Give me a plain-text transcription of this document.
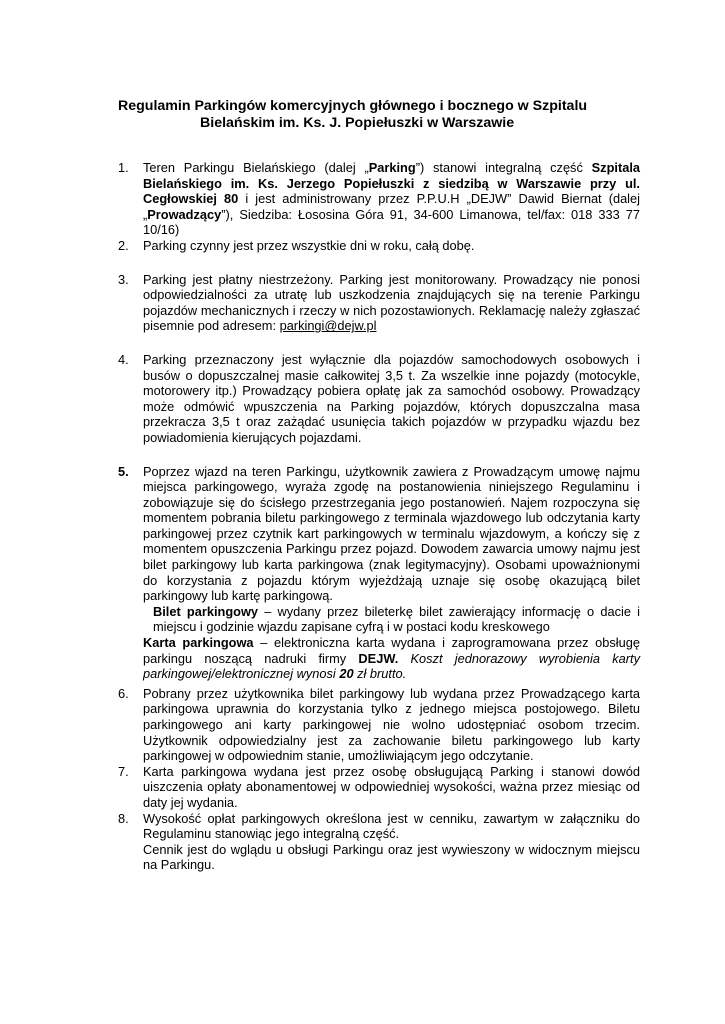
Regulamin Parkingów komercyjnych głównego i bocznego w Szpitalu
Bielańskim im. Ks. J. Popiełuszki w Warszawie
1. Teren Parkingu Bielańskiego (dalej „Parking”) stanowi integralną część Szpitala Bielańskiego im. Ks. Jerzego Popiełuszki z siedzibą w Warszawie przy ul. Cegłowskiej 80 i jest administrowany przez P.P.U.H „DEJW” Dawid Biernat (dalej „Prowadzący”), Siedziba: Łososina Góra 91, 34-600 Limanowa, tel/fax: 018 333 77 10/16)

2. Parking czynny jest przez wszystkie dni w roku, całą dobę.

3. Parking jest płatny niestrzeżony. Parking jest monitorowany. Prowadzący nie ponosi odpowiedzialności za utratę lub uszkodzenia znajdujących się na terenie Parkingu pojazdów mechanicznych i rzeczy w nich pozostawionych. Reklamację należy zgłaszać pisemnie pod adresem: parkingi@dejw.pl

4. Parking przeznaczony jest wyłącznie dla pojazdów samochodowych osobowych i busów o dopuszczalnej masie całkowitej 3,5 t. Za wszelkie inne pojazdy (motocykle, motorowery itp.) Prowadzący pobiera opłatę jak za samochód osobowy. Prowadzący może odmówić wpuszczenia na Parking pojazdów, których dopuszczalna masa przekracza 3,5 t oraz zażądać usunięcia takich pojazdów w przypadku wjazdu bez powiadomienia kierujących pojazdami.

5. Poprzez wjazd na teren Parkingu, użytkownik zawiera z Prowadzącym umowę najmu miejsca parkingowego, wyraża zgodę na postanowienia niniejszego Regulaminu i zobowiązuje się do ścisłego przestrzegania jego postanowień. Najem rozpoczyna się momentem pobrania biletu parkingowego z terminala wjazdowego lub odczytania karty parkingowej przez czytnik kart parkingowych w terminalu wjazdowym, a kończy się z momentem opuszczenia Parkingu przez pojazd. Dowodem zawarcia umowy najmu jest bilet parkingowy lub karta parkingowa (znak legitymacyjny). Osobami upoważnionymi do korzystania z pojazdu którym wyjeżdżają uznaje się osobę okazującą bilet parkingowy lub kartę parkingową.

Bilet parkingowy – wydany przez bileterkę bilet zawierający informację o dacie i miejscu i godzinie wjazdu zapisane cyfrą i w postaci kodu kreskowego

Karta parkingowa – elektroniczna karta wydana i zaprogramowana przez obsługę parkingu noszącą nadruki firmy DEJW. Koszt jednorazowy wyrobienia karty parkingowej/elektronicznej wynosi 20 zł brutto.

6. Pobrany przez użytkownika bilet parkingowy lub wydana przez Prowadzącego karta parkingowa uprawnia do korzystania tylko z jednego miejsca postojowego. Biletu parkingowego ani karty parkingowej nie wolno udostępniać osobom trzecim. Użytkownik odpowiedzialny jest za zachowanie biletu parkingowego lub karty parkingowej w odpowiednim stanie, umożliwiającym jego odczytanie.

7. Karta parkingowa wydana jest przez osobę obsługującą Parking i stanowi dowód uiszczenia opłaty abonamentowej w odpowiedniej wysokości, ważna przez miesiąc od daty jej wydania.

8. Wysokość opłat parkingowych określona jest w cenniku, zawartym w załączniku do Regulaminu stanowiąc jego integralną część.

Cennik jest do wglądu u obsługi Parkingu oraz jest wywieszony w widocznym miejscu na Parkingu.
